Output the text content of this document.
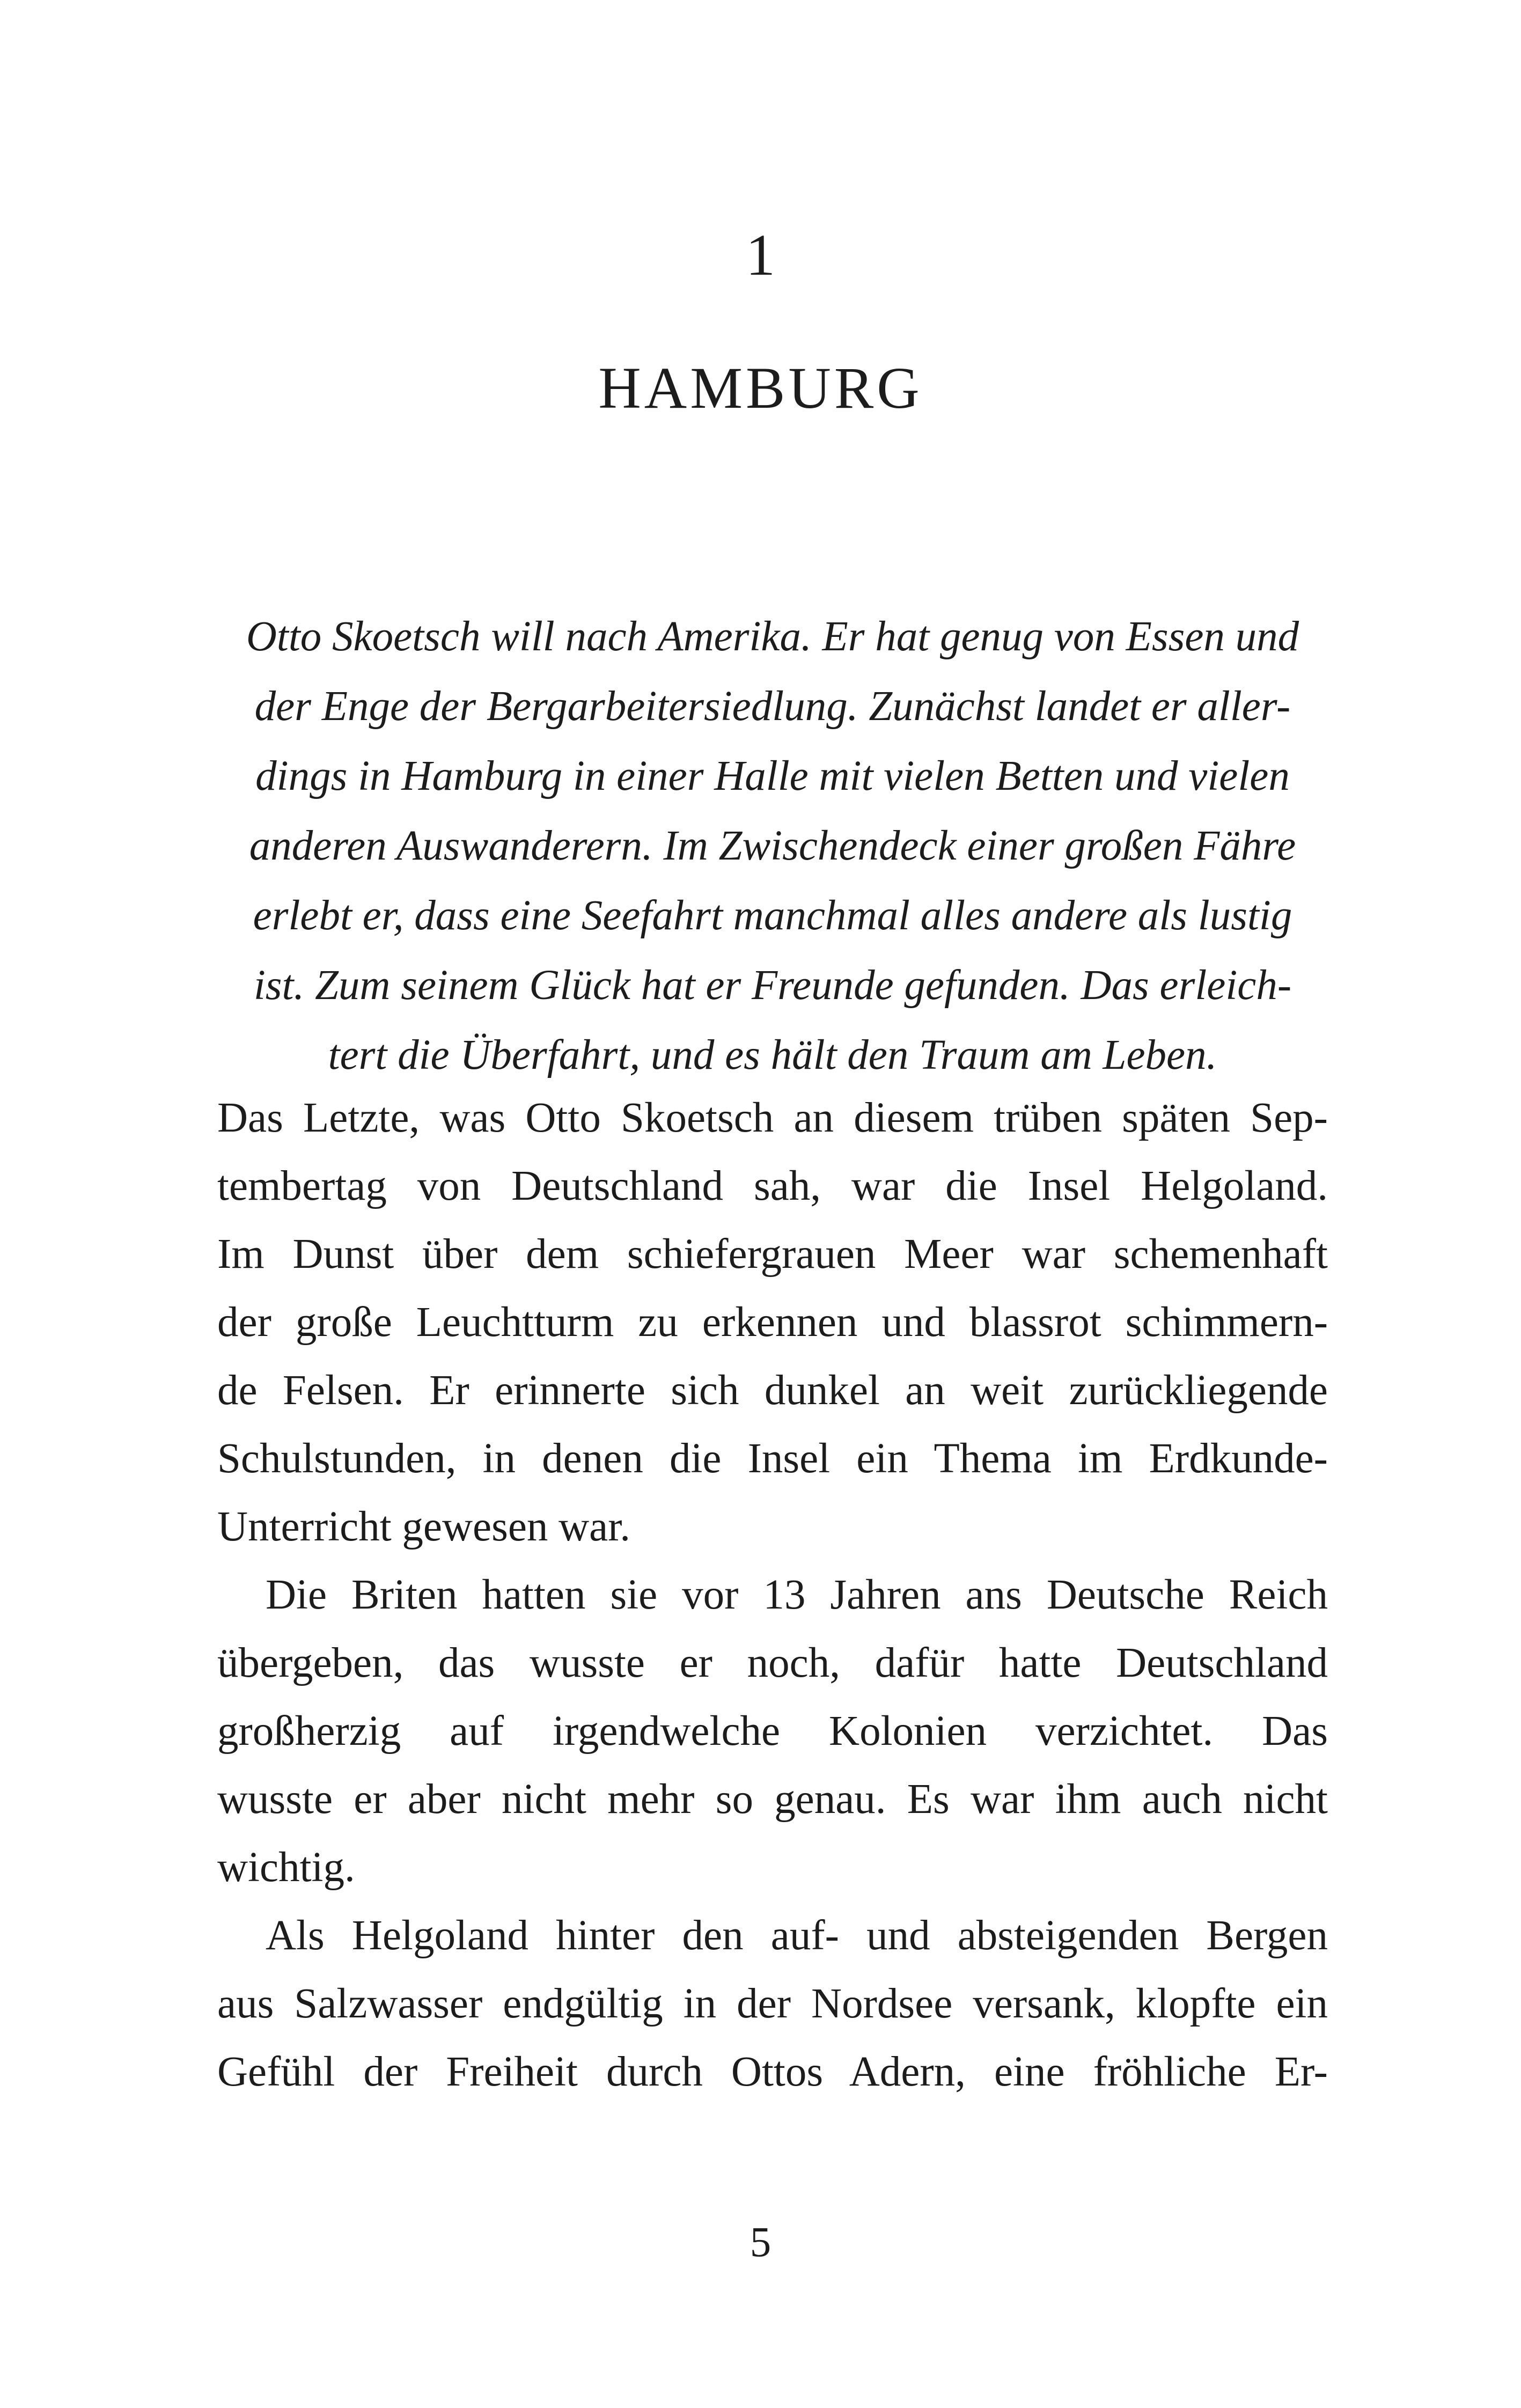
1
HAMBURG
Otto Skoetsch will nach Amerika. Er hat genug von Essen und
der Enge der Bergarbeitersiedlung. Zunächst landet er aller-
dings in Hamburg in einer Halle mit vielen Betten und vielen
anderen Auswanderern. Im Zwischendeck einer großen Fähre
erlebt er, dass eine Seefahrt manchmal alles andere als lustig
ist. Zum seinem Glück hat er Freunde gefunden. Das erleich-
tert die Überfahrt, und es hält den Traum am Leben.
Das Letzte, was Otto Skoetsch an diesem trüben späten Sep-
tembertag von Deutschland sah, war die Insel Helgoland.
Im Dunst über dem schiefergrauen Meer war schemenhaft
der große Leuchtturm zu erkennen und blassrot schimmern-
de Felsen. Er erinnerte sich dunkel an weit zurückliegende
Schulstunden, in denen die Insel ein Thema im Erdkunde-
Unterricht gewesen war.
Die Briten hatten sie vor 13 Jahren ans Deutsche Reich
übergeben, das wusste er noch, dafür hatte Deutschland
großherzig auf irgendwelche Kolonien verzichtet. Das
wusste er aber nicht mehr so genau. Es war ihm auch nicht
wichtig.
Als Helgoland hinter den auf- und absteigenden Bergen
aus Salzwasser endgültig in der Nordsee versank, klopfte ein
Gefühl der Freiheit durch Ottos Adern, eine fröhliche Er-
5
